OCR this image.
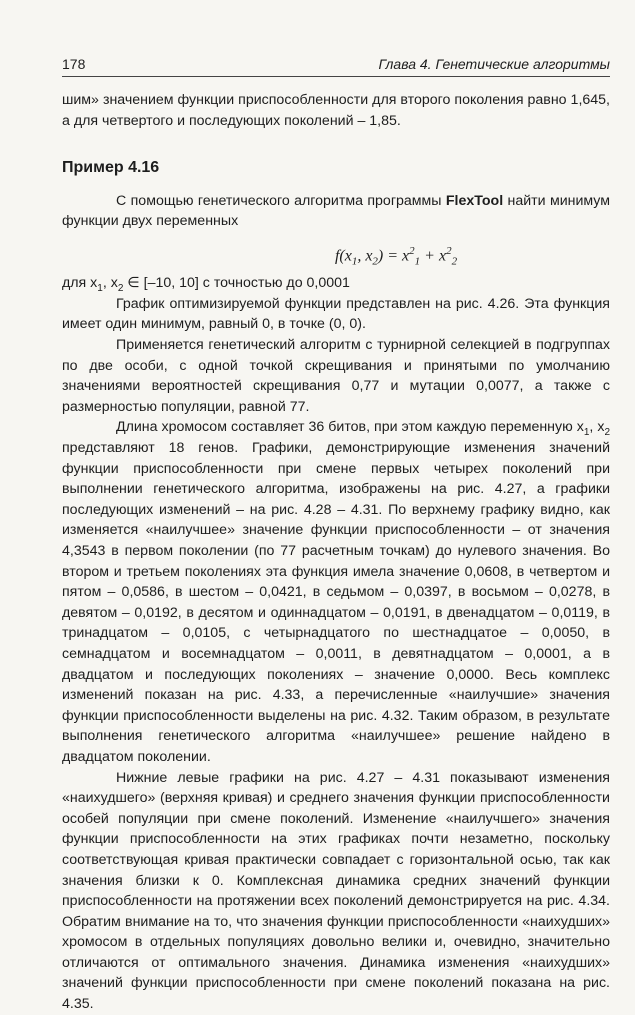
178	Глава 4. Генетические алгоритмы

шим» значением функции приспособленности для второго поколения равно 1,645, а для четвертого и последующих поколений – 1,85.

Пример 4.16

С помощью генетического алгоритма программы FlexTool найти минимум функции двух переменных

$f(x_1$, $x_2) = x^2_1 + x^2_2$

для $x_1$, $x_2$ ∈ [–10, 10] с точностью до 0,0001

График оптимизируемой функции представлен на рис. 4.26. Эта функция имеет один минимум, равный 0, в точке (0, 0).

Применяется генетический алгоритм с турнирной селекцией в подгруппах по две особи, с одной точкой скрещивания и принятыми по умолчанию значениями вероятностей скрещивания 0,77 и мутации 0,0077, а также с размерностью популяции, равной 77.

Длина хромосом составляет 36 битов, при этом каждую переменную $x_1$, $x_2$ представляют 18 генов. Графики, демонстрирующие изменения значений функции приспособленности при смене первых четырех поколений при выполнении генетического алгоритма, изображены на рис. 4.27, а графики последующих изменений – на рис. 4.28 – 4.31. По верхнему графику видно, как изменяется «наилучшее» значение функции приспособленности – от значения 4,3543 в первом поколении (по 77 расчетным точкам) до нулевого значения. Во втором и третьем поколениях эта функция имела значение 0,0608, в четвертом и пятом – 0,0586, в шестом – 0,0421, в седьмом – 0,0397, в восьмом – 0,0278, в девятом – 0,0192, в десятом и одиннадцатом – 0,0191, в двенадцатом – 0,0119, в тринадцатом – 0,0105, с четырнадцатого по шестнадцатое – 0,0050, в семнадцатом и восемнадцатом – 0,0011, в девятнадцатом – 0,0001, а в двадцатом и последующих поколениях – значение 0,0000. Весь комплекс изменений показан на рис. 4.33, а перечисленные «наилучшие» значения функции приспособленности выделены на рис. 4.32. Таким образом, в результате выполнения генетического алгоритма «наилучшее» решение найдено в двадцатом поколении.

Нижние левые графики на рис. 4.27 – 4.31 показывают изменения «наихудшего» (верхняя кривая) и среднего значения функции приспособленности особей популяции при смене поколений. Изменение «наилучшего» значения функции приспособленности на этих графиках почти незаметно, поскольку соответствующая кривая практически совпадает с горизонтальной осью, так как значения близки к 0. Комплексная динамика средних значений функции приспособленности на протяжении всех поколений демонстрируется на рис. 4.34. Обратим внимание на то, что значения функции приспособленности «наихудших» хромосом в отдельных популяциях довольно велики и, очевидно, значительно отличаются от оптимального значения. Динамика изменения «наихудших» значений функции приспособленности при смене поколений показана на рис. 4.35.
